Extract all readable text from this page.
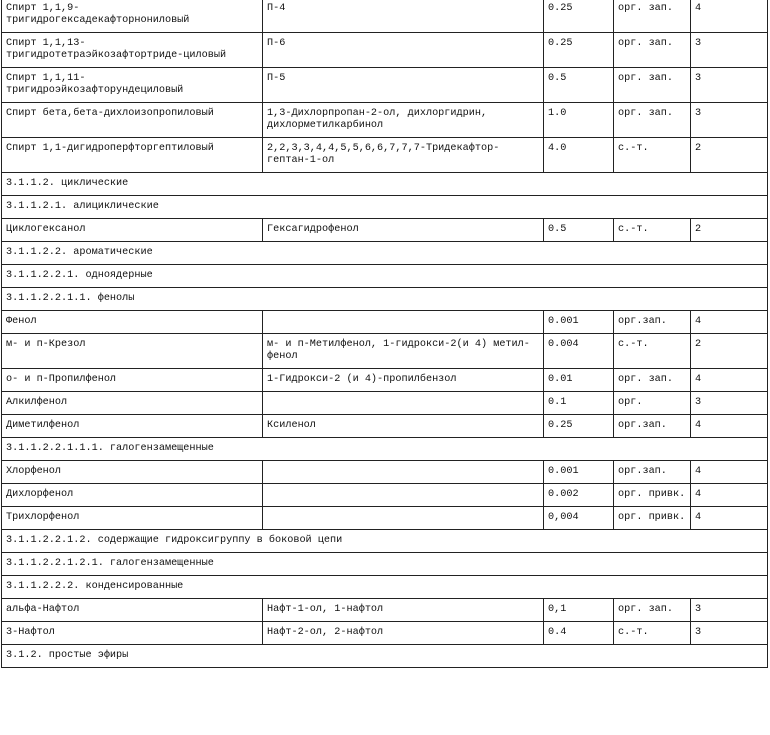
Спирт 1,1,9-тригидрогексадекафторнониловый	П-4	0.25	орг. зап.	4
Спирт 1,1,13-тригидротетраэйкозафтортриде-циловый	П-6	0.25	орг. зап.	3
Спирт 1,1,11-тригидроэйкозафторундециловый	П-5	0.5	орг. зап.	3
Спирт бета,бета-дихлоизопропиловый	1,3-Дихлорпропан-2-ол, дихлоргидрин, дихлорметилкарбинол	1.0	орг. зап.	3
Спирт 1,1-дигидроперфторгептиловый	2,2,3,3,4,4,5,5,6,6,7,7,7-Тридекафтор-гептан-1-ол	4.0	с.-т.	2
3.1.1.2. циклические				
3.1.1.2.1. алициклические				
Циклогексанол	Гексагидрофенол	0.5	с.-т.	2
3.1.1.2.2. ароматические				
3.1.1.2.2.1. одноядерные				
3.1.1.2.2.1.1. фенолы				
Фенол		0.001	орг.зап.	4
м- и п-Крезол	м- и п-Метилфенол, 1-гидрокси-2(и 4) метил-фенол	0.004	с.-т.	2
о- и п-Пропилфенол	1-Гидрокси-2 (и 4)-пропилбензол	0.01	орг. зап.	4
Алкилфенол		0.1	орг.	3
Диметилфенол	Ксиленол	0.25	орг.зап.	4
3.1.1.2.2.1.1.1. галогензамещенные				
Хлорфенол		0.001	орг.зап.	4
Дихлорфенол		0.002	орг. привк.	4
Трихлорфенол		0,004	орг. привк.	4
3.1.1.2.2.1.2. содержащие гидроксигруппу в боковой цепи				
3.1.1.2.2.1.2.1. галогензамещенные				
3.1.1.2.2.2. конденсированные				
альфа-Нафтол	Нафт-1-ол, 1-нафтол	0,1	орг. зап.	3
3-Нафтол	Нафт-2-ол, 2-нафтол	0.4	с.-т.	3
3.1.2. простые эфиры				
